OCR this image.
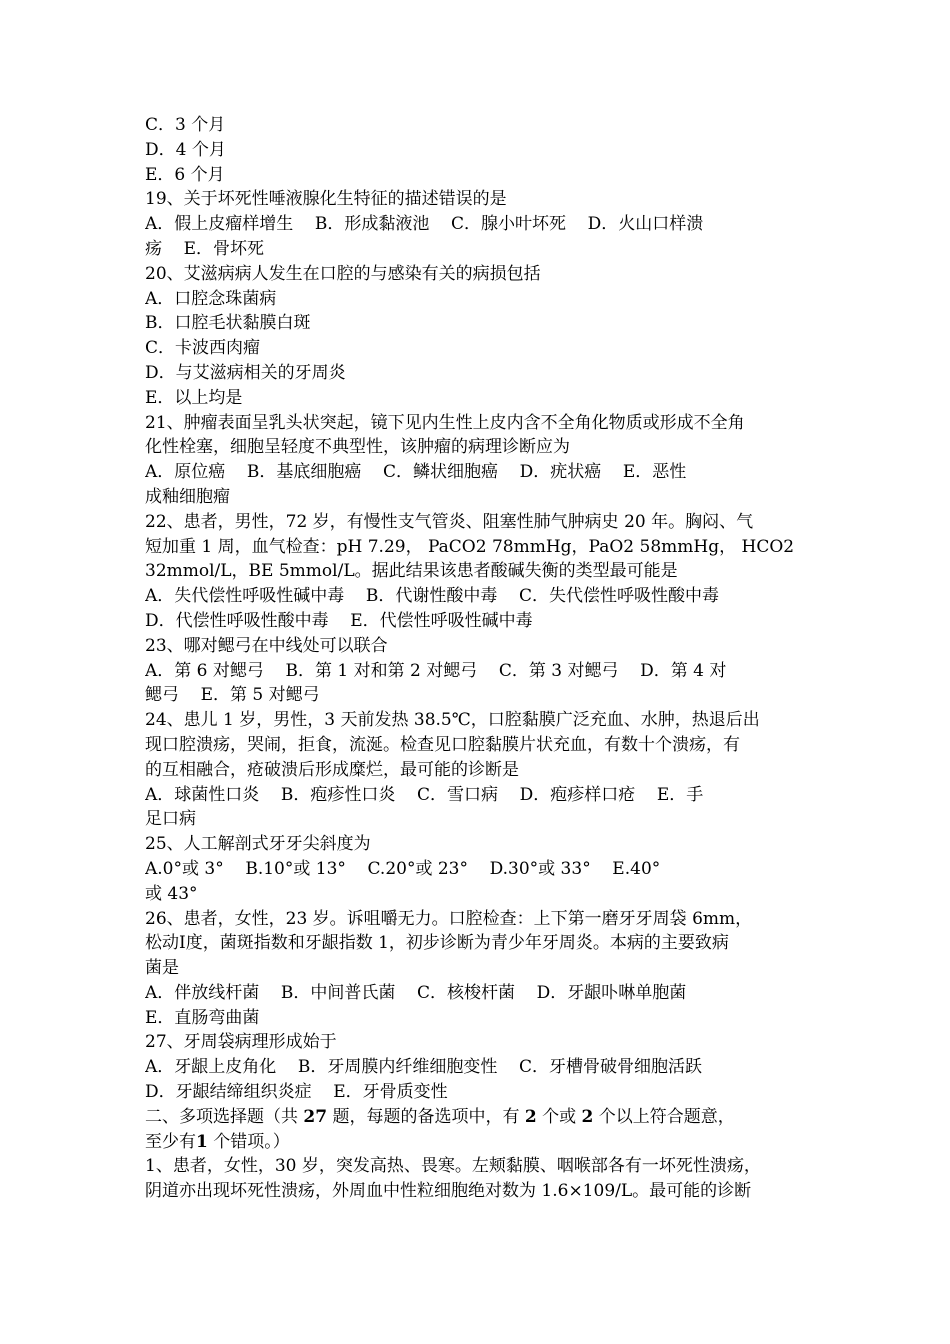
C．3 个月
D．4 个月
E．6 个月
19、关于坏死性唾液腺化生特征的描述错误的是
A．假上皮瘤样增生    B．形成黏液池    C．腺小叶坏死    D．火山口样溃
疡    E．骨坏死
20、艾滋病病人发生在口腔的与感染有关的病损包括
A．口腔念珠菌病
B．口腔毛状黏膜白斑
C．卡波西肉瘤
D．与艾滋病相关的牙周炎
E．以上均是
21、肿瘤表面呈乳头状突起，镜下见内生性上皮内含不全角化物质或形成不全角
化性栓塞，细胞呈轻度不典型性，该肿瘤的病理诊断应为
A．原位癌    B．基底细胞癌    C．鳞状细胞癌    D．疣状癌    E．恶性
成釉细胞瘤
22、患者，男性，72 岁，有慢性支气管炎、阻塞性肺气肿病史 20 年。胸闷、气
短加重 1 周，血气检查：pH 7.29， PaCO2 78mmHg，PaO2 58mmHg， HCO2
32mmol/L，BE 5mmol/L。据此结果该患者酸碱失衡的类型最可能是
A．失代偿性呼吸性碱中毒    B．代谢性酸中毒    C．失代偿性呼吸性酸中毒
D．代偿性呼吸性酸中毒    E．代偿性呼吸性碱中毒
23、哪对鳃弓在中线处可以联合
A．第 6 对鳃弓    B．第 1 对和第 2 对鳃弓    C．第 3 对鳃弓    D．第 4 对
鳃弓    E．第 5 对鳃弓
24、患儿 1 岁，男性，3 天前发热 38.5℃，口腔黏膜广泛充血、水肿，热退后出
现口腔溃疡，哭闹，拒食，流涎。检查见口腔黏膜片状充血，有数十个溃疡，有
的互相融合，疮破溃后形成糜烂，最可能的诊断是
A．球菌性口炎    B．疱疹性口炎    C．雪口病    D．疱疹样口疮    E．手
足口病
25、人工解剖式牙牙尖斜度为
A.0°或 3°    B.10°或 13°    C.20°或 23°    D.30°或 33°    E.40°
或 43°
26、患者，女性，23 岁。诉咀嚼无力。口腔检查：上下第一磨牙牙周袋 6mm，
松动Ⅰ度，菌斑指数和牙龈指数 1，初步诊断为青少年牙周炎。本病的主要致病
菌是
A．伴放线杆菌    B．中间普氏菌    C．核梭杆菌    D．牙龈卟啉单胞菌
E．直肠弯曲菌
27、牙周袋病理形成始于
A．牙龈上皮角化    B．牙周膜内纤维细胞变性    C．牙槽骨破骨细胞活跃
D．牙龈结缔组织炎症    E．牙骨质变性
二、多项选择题（共 27 题，每题的备选项中，有 2 个或 2 个以上符合题意，
至少有1 个错项。）
1、患者，女性，30 岁，突发高热、畏寒。左颊黏膜、咽喉部各有一坏死性溃疡，
阴道亦出现坏死性溃疡，外周血中性粒细胞绝对数为 1.6×109/L。最可能的诊断
